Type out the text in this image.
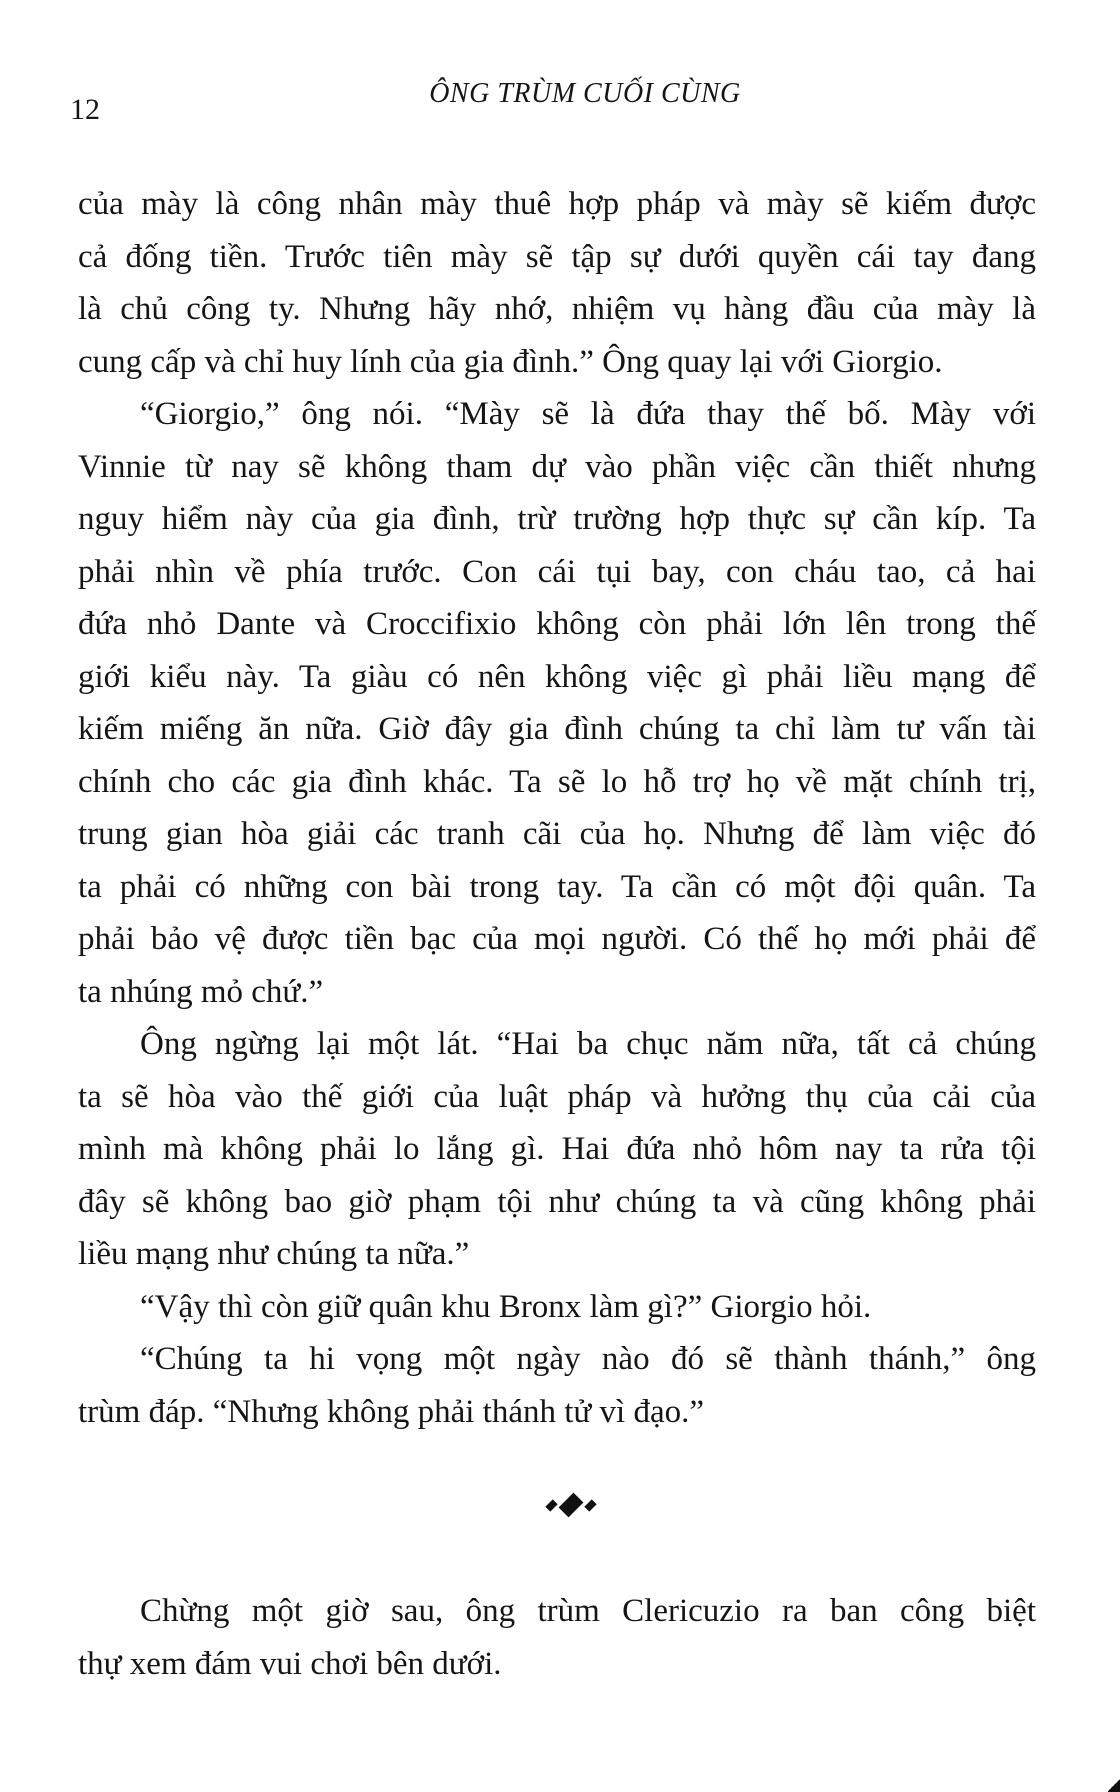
12	ÔNG TRÙM CUỐI CÙNG
của mày là công nhân mày thuê hợp pháp và mày sẽ kiếm được
cả đống tiền. Trước tiên mày sẽ tập sự dưới quyền cái tay đang
là chủ công ty. Nhưng hãy nhớ, nhiệm vụ hàng đầu của mày là
cung cấp và chỉ huy lính của gia đình.” Ông quay lại với Giorgio.
“Giorgio,” ông nói. “Mày sẽ là đứa thay thế bố. Mày với
Vinnie từ nay sẽ không tham dự vào phần việc cần thiết nhưng
nguy hiểm này của gia đình, trừ trường hợp thực sự cần kíp. Ta
phải nhìn về phía trước. Con cái tụi bay, con cháu tao, cả hai
đứa nhỏ Dante và Croccifixio không còn phải lớn lên trong thế
giới kiểu này. Ta giàu có nên không việc gì phải liều mạng để
kiếm miếng ăn nữa. Giờ đây gia đình chúng ta chỉ làm tư vấn tài
chính cho các gia đình khác. Ta sẽ lo hỗ trợ họ về mặt chính trị,
trung gian hòa giải các tranh cãi của họ. Nhưng để làm việc đó
ta phải có những con bài trong tay. Ta cần có một đội quân. Ta
phải bảo vệ được tiền bạc của mọi người. Có thế họ mới phải để
ta nhúng mỏ chứ.”
Ông ngừng lại một lát. “Hai ba chục năm nữa, tất cả chúng
ta sẽ hòa vào thế giới của luật pháp và hưởng thụ của cải của
mình mà không phải lo lắng gì. Hai đứa nhỏ hôm nay ta rửa tội
đây sẽ không bao giờ phạm tội như chúng ta và cũng không phải
liều mạng như chúng ta nữa.”
“Vậy thì còn giữ quân khu Bronx làm gì?” Giorgio hỏi.
“Chúng ta hi vọng một ngày nào đó sẽ thành thánh,” ông
trùm đáp. “Nhưng không phải thánh tử vì đạo.”
Chừng một giờ sau, ông trùm Clericuzio ra ban công biệt
thự xem đám vui chơi bên dưới.
